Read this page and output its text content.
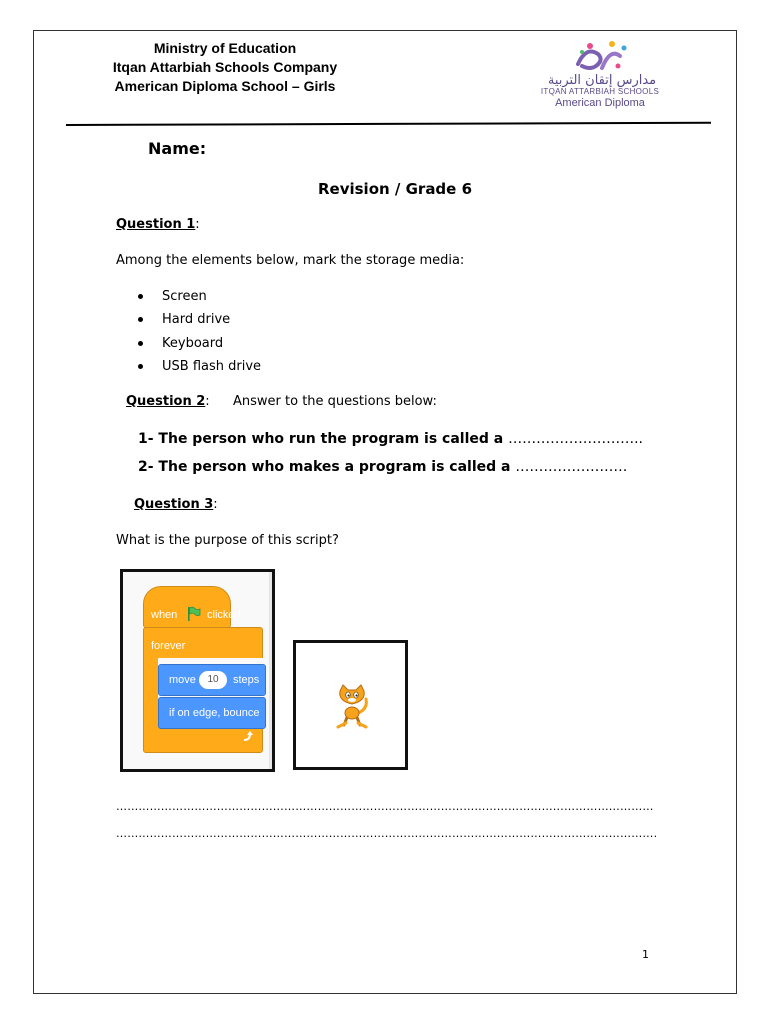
Ministry of Education
Itqan Attarbiah Schools Company
American Diploma School – Girls	مدارس إتقان التربية
ITQAN ATTARBIAH SCHOOLS
American Diploma
Name:
Revision / Grade 6
Question 1:
Among the elements below, mark the storage media:
Screen
Hard drive
Keyboard
USB flash drive
Question 2: Answer to the questions below:
1- The person who run the program is called a ………………………..
2- The person who makes a program is called a ……………………
Question 3:
What is the purpose of this script?
forever
when	clicked
move	10	steps
if on edge, bounce
………………………………………………………………………………………………………………………………
……………………………………………………………………………………………………………………………….
1
